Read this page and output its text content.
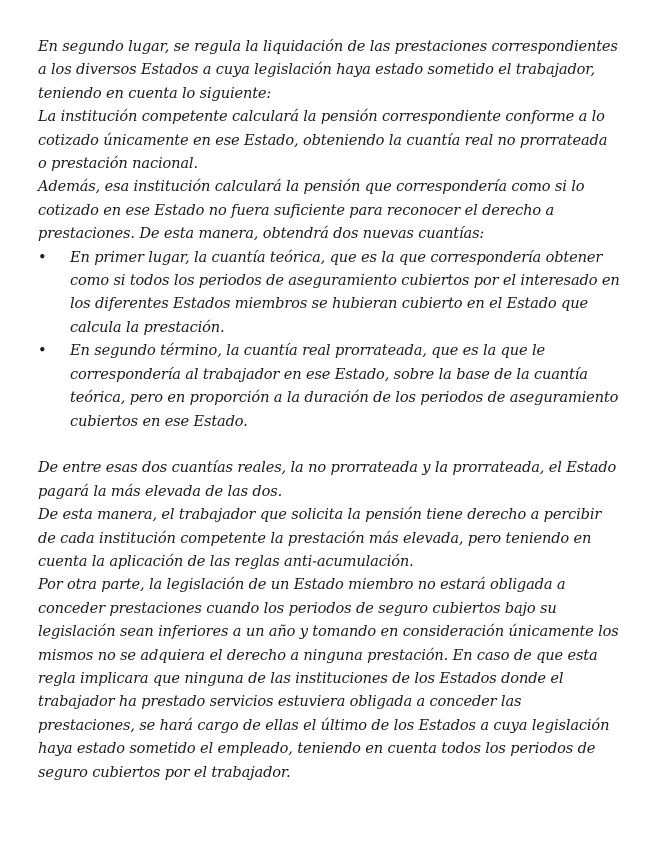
En segundo lugar, se regula la liquidación de las prestaciones correspondientes a los diversos Estados a cuya legislación haya estado sometido el trabajador, teniendo en cuenta lo siguiente:

La institución competente calculará la pensión correspondiente conforme a lo cotizado únicamente en ese Estado, obteniendo la cuantía real no prorrateada o prestación nacional.

Además, esa institución calculará la pensión que correspondería como si lo cotizado en ese Estado no fuera suficiente para reconocer el derecho a prestaciones. De esta manera, obtendrá dos nuevas cuantías:

• En primer lugar, la cuantía teórica, que es la que correspondería obtener como si todos los periodos de aseguramiento cubiertos por el interesado en los diferentes Estados miembros se hubieran cubierto en el Estado que calcula la prestación.
• En segundo término, la cuantía real prorrateada, que es la que le correspondería al trabajador en ese Estado, sobre la base de la cuantía teórica, pero en proporción a la duración de los periodos de aseguramiento cubiertos en ese Estado.

De entre esas dos cuantías reales, la no prorrateada y la prorrateada, el Estado pagará la más elevada de las dos.

De esta manera, el trabajador que solicita la pensión tiene derecho a percibir de cada institución competente la prestación más elevada, pero teniendo en cuenta la aplicación de las reglas anti-acumulación.

Por otra parte, la legislación de un Estado miembro no estará obligada a conceder prestaciones cuando los periodos de seguro cubiertos bajo su legislación sean inferiores a un año y tomando en consideración únicamente los mismos no se adquiera el derecho a ninguna prestación. En caso de que esta regla implicara que ninguna de las instituciones de los Estados donde el trabajador ha prestado servicios estuviera obligada a conceder las prestaciones, se hará cargo de ellas el último de los Estados a cuya legislación haya estado sometido el empleado, teniendo en cuenta todos los periodos de seguro cubiertos por el trabajador.
